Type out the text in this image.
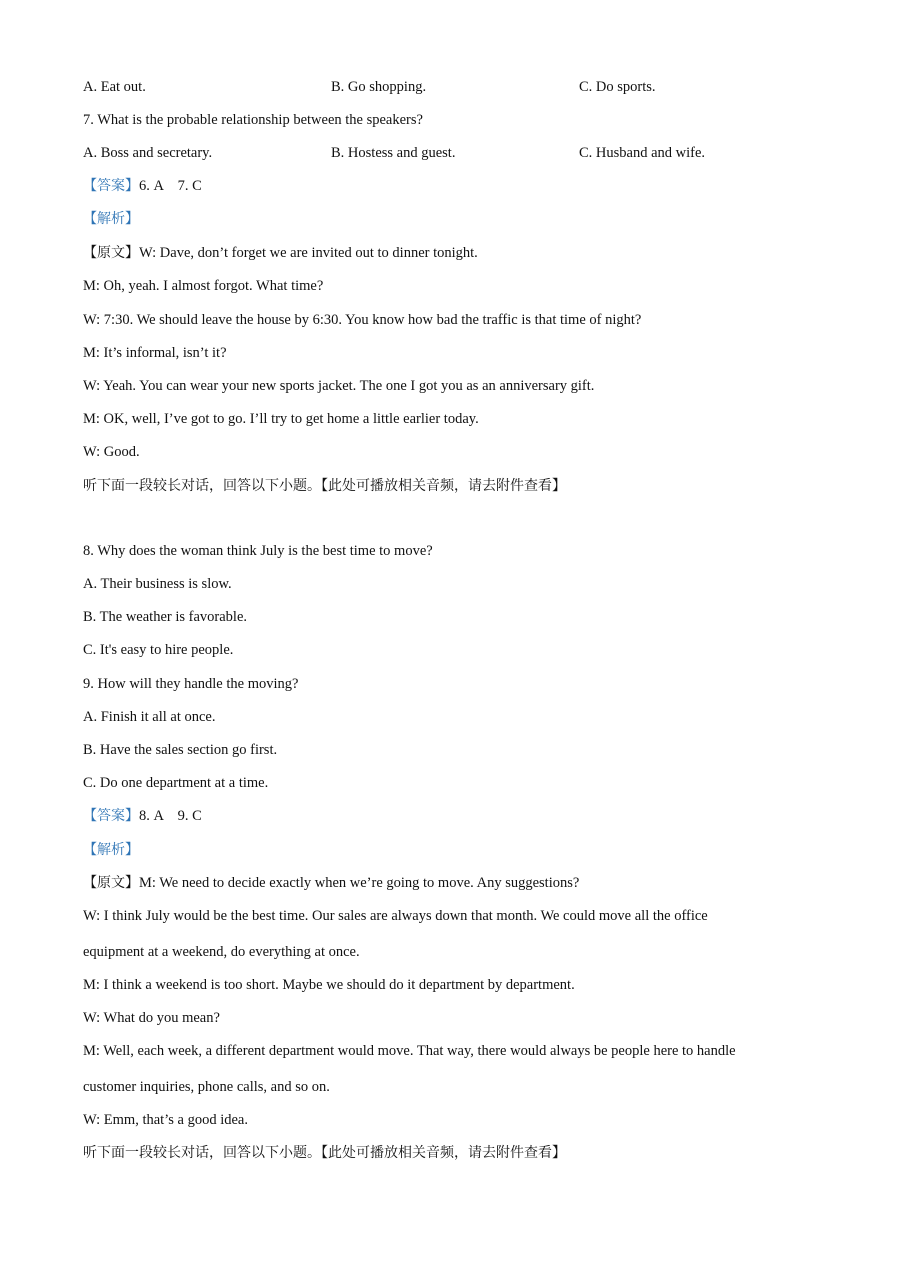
A. Eat out.	B. Go shopping.	C. Do sports.
7. What is the probable relationship between the speakers?
A. Boss and secretary.	B. Hostess and guest.	C. Husband and wife.
【答案】6. A    7. C
【解析】
【原文】W: Dave, don’t forget we are invited out to dinner tonight.
M: Oh, yeah. I almost forgot. What time?
W: 7:30. We should leave the house by 6:30. You know how bad the traffic is that time of night?
M: It’s informal, isn’t it?
W: Yeah. You can wear your new sports jacket. The one I got you as an anniversary gift.
M: OK, well, I’ve got to go. I’ll try to get home a little earlier today.
W: Good.
听下面一段较长对话，回答以下小题。【此处可播放相关音频，请去附件查看】
8. Why does the woman think July is the best time to move?
A. Their business is slow.
B. The weather is favorable.
C. It's easy to hire people.
9. How will they handle the moving?
A. Finish it all at once.
B. Have the sales section go first.
C. Do one department at a time.
【答案】8. A    9. C
【解析】
【原文】M: We need to decide exactly when we’re going to move. Any suggestions?
W: I think July would be the best time. Our sales are always down that month. We could move all the office
equipment at a weekend, do everything at once.
M: I think a weekend is too short. Maybe we should do it department by department.
W: What do you mean?
M: Well, each week, a different department would move. That way, there would always be people here to handle
customer inquiries, phone calls, and so on.
W: Emm, that’s a good idea.
听下面一段较长对话，回答以下小题。【此处可播放相关音频，请去附件查看】
